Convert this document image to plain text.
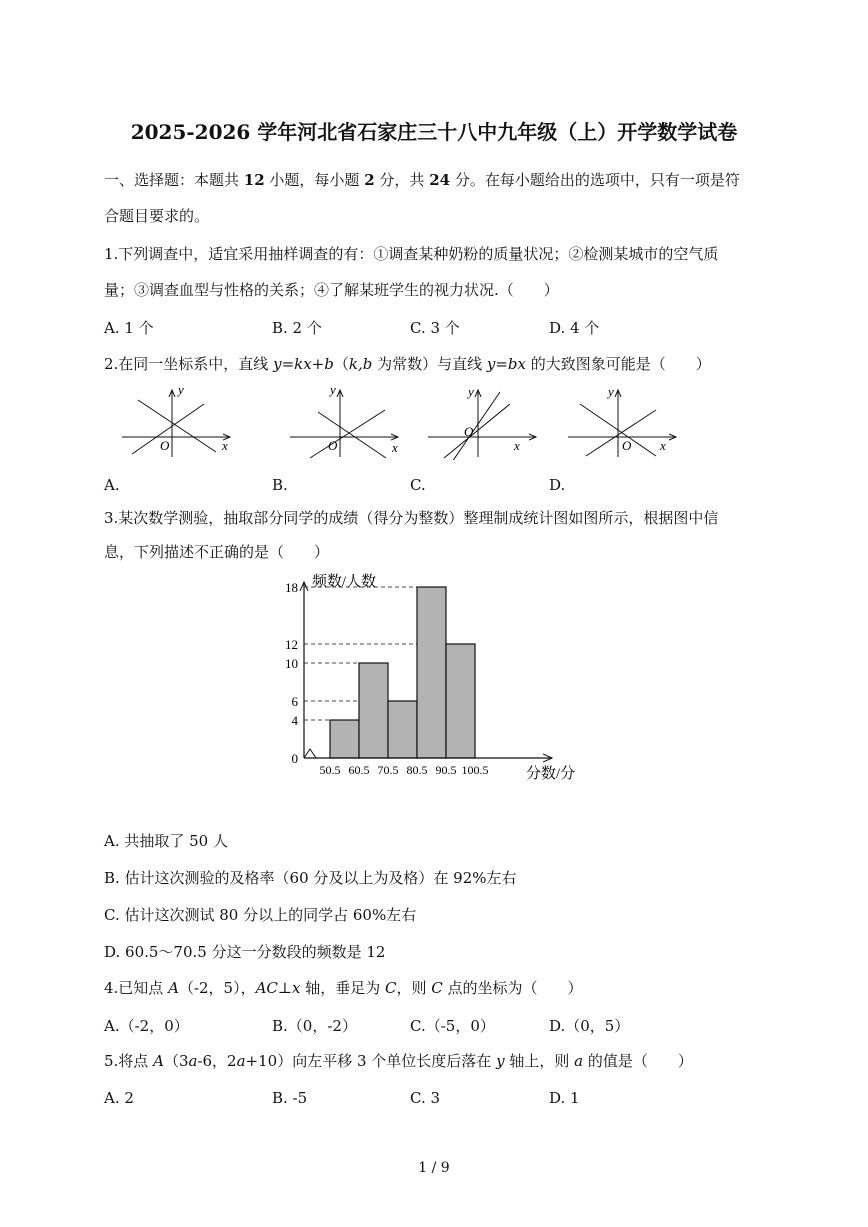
2025-2026 学年河北省石家庄三十八中九年级（上）开学数学试卷
一、选择题：本题共 12 小题，每小题 2 分，共 24 分。在每小题给出的选项中，只有一项是符
合题目要求的。
1.下列调查中，适宜采用抽样调查的有：①调查某种奶粉的质量状况；②检测某城市的空气质
量；③调查血型与性格的关系；④了解某班学生的视力状况.（　　）
A. 1 个	B. 2 个	C. 3 个	D. 4 个
2.在同一坐标系中，直线 y=kx+b（k,b 为常数）与直线 y=bx 的大致图象可能是（　　）
y
x
O
y
x
O
y
x
O
y
x
O
A.	B.	C.	D.
3.某次数学测验，抽取部分同学的成绩（得分为整数）整理制成统计图如图所示，根据图中信
息，下列描述不正确的是（　　）
0
4
6
10
12
18
50.5 60.5 70.5 80.5 90.5 100.5
频数/人数
分数/分
A. 共抽取了 50 人
B. 估计这次测验的及格率（60 分及以上为及格）在 92%左右
C. 估计这次测试 80 分以上的同学占 60%左右
D. 60.5～70.5 分这一分数段的频数是 12
4.已知点 A（-2，5），AC⊥x 轴，垂足为 C，则 C 点的坐标为（　　）
A.（-2，0）	B.（0，-2）	C.（-5，0）	D.（0，5）
5.将点 A（3a-6，2a+10）向左平移 3 个单位长度后落在 y 轴上，则 a 的值是（　　）
A. 2	B. -5	C. 3	D. 1
1 / 9
